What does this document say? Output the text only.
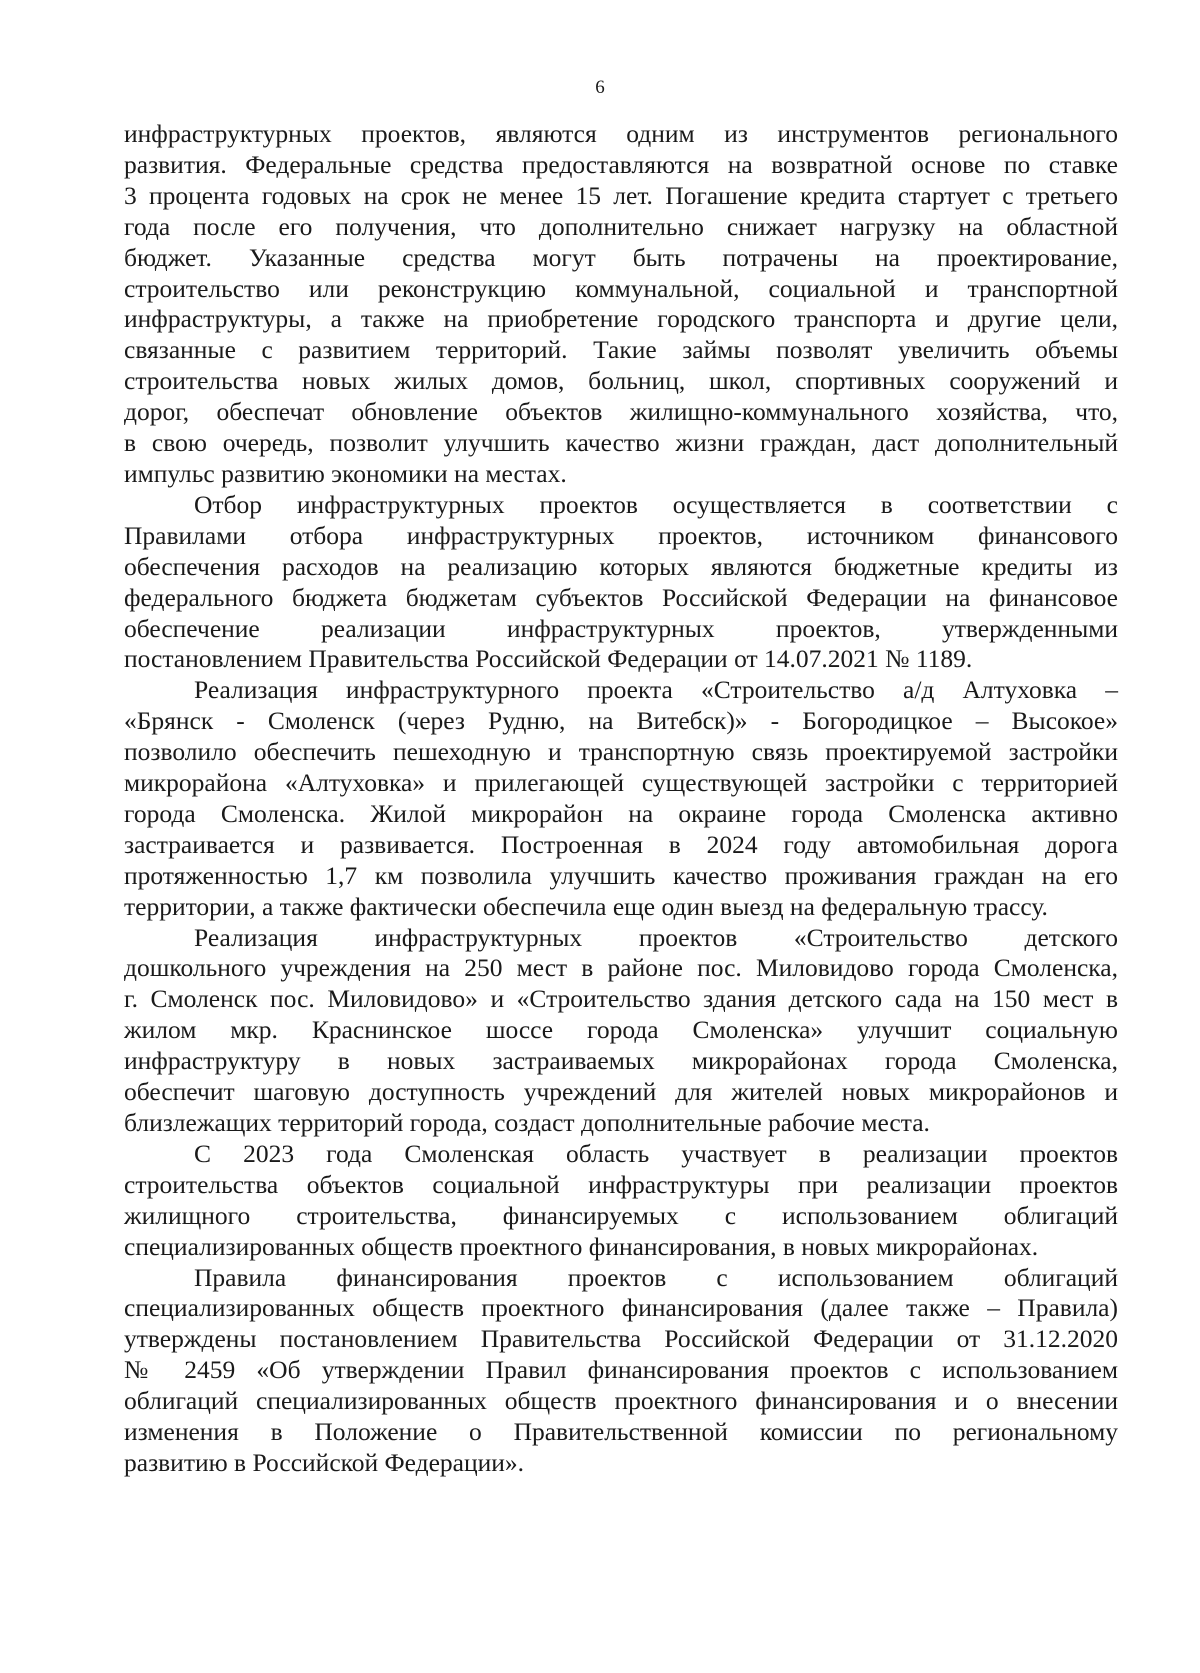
6

инфраструктурных проектов, являются одним из инструментов регионального
развития. Федеральные средства предоставляются на возвратной основе по ставке
3 процента годовых на срок не менее 15 лет. Погашение кредита стартует с третьего
года после его получения, что дополнительно снижает нагрузку на областной
бюджет. Указанные средства могут быть потрачены на проектирование,
строительство или реконструкцию коммунальной, социальной и транспортной
инфраструктуры, а также на приобретение городского транспорта и другие цели,
связанные с развитием территорий. Такие займы позволят увеличить объемы
строительства новых жилых домов, больниц, школ, спортивных сооружений и
дорог, обеспечат обновление объектов жилищно-коммунального хозяйства, что,
в свою очередь, позволит улучшить качество жизни граждан, даст дополнительный
импульс развитию экономики на местах.

Отбор инфраструктурных проектов осуществляется в соответствии с
Правилами отбора инфраструктурных проектов, источником финансового
обеспечения расходов на реализацию которых являются бюджетные кредиты из
федерального бюджета бюджетам субъектов Российской Федерации на финансовое
обеспечение реализации инфраструктурных проектов, утвержденными
постановлением Правительства Российской Федерации от 14.07.2021 № 1189.

Реализация инфраструктурного проекта «Строительство а/д Алтуховка –
«Брянск - Смоленск (через Рудню, на Витебск)» - Богородицкое – Высокое»
позволило обеспечить пешеходную и транспортную связь проектируемой застройки
микрорайона «Алтуховка» и прилегающей существующей застройки с территорией
города Смоленска. Жилой микрорайон на окраине города Смоленска активно
застраивается и развивается. Построенная в 2024 году автомобильная дорога
протяженностью 1,7 км позволила улучшить качество проживания граждан на его
территории, а также фактически обеспечила еще один выезд на федеральную трассу.

Реализация инфраструктурных проектов «Строительство детского
дошкольного учреждения на 250 мест в районе пос. Миловидово города Смоленска,
г. Смоленск пос. Миловидово» и «Строительство здания детского сада на 150 мест в
жилом мкр. Краснинское шоссе города Смоленска» улучшит социальную
инфраструктуру в новых застраиваемых микрорайонах города Смоленска,
обеспечит шаговую доступность учреждений для жителей новых микрорайонов и
близлежащих территорий города, создаст дополнительные рабочие места.

С 2023 года Смоленская область участвует в реализации проектов
строительства объектов социальной инфраструктуры при реализации проектов
жилищного строительства, финансируемых с использованием облигаций
специализированных обществ проектного финансирования, в новых микрорайонах.

Правила финансирования проектов с использованием облигаций
специализированных обществ проектного финансирования (далее также – Правила)
утверждены постановлением Правительства Российской Федерации от 31.12.2020
№ 2459 «Об утверждении Правил финансирования проектов с использованием
облигаций специализированных обществ проектного финансирования и о внесении
изменения в Положение о Правительственной комиссии по региональному
развитию в Российской Федерации».
